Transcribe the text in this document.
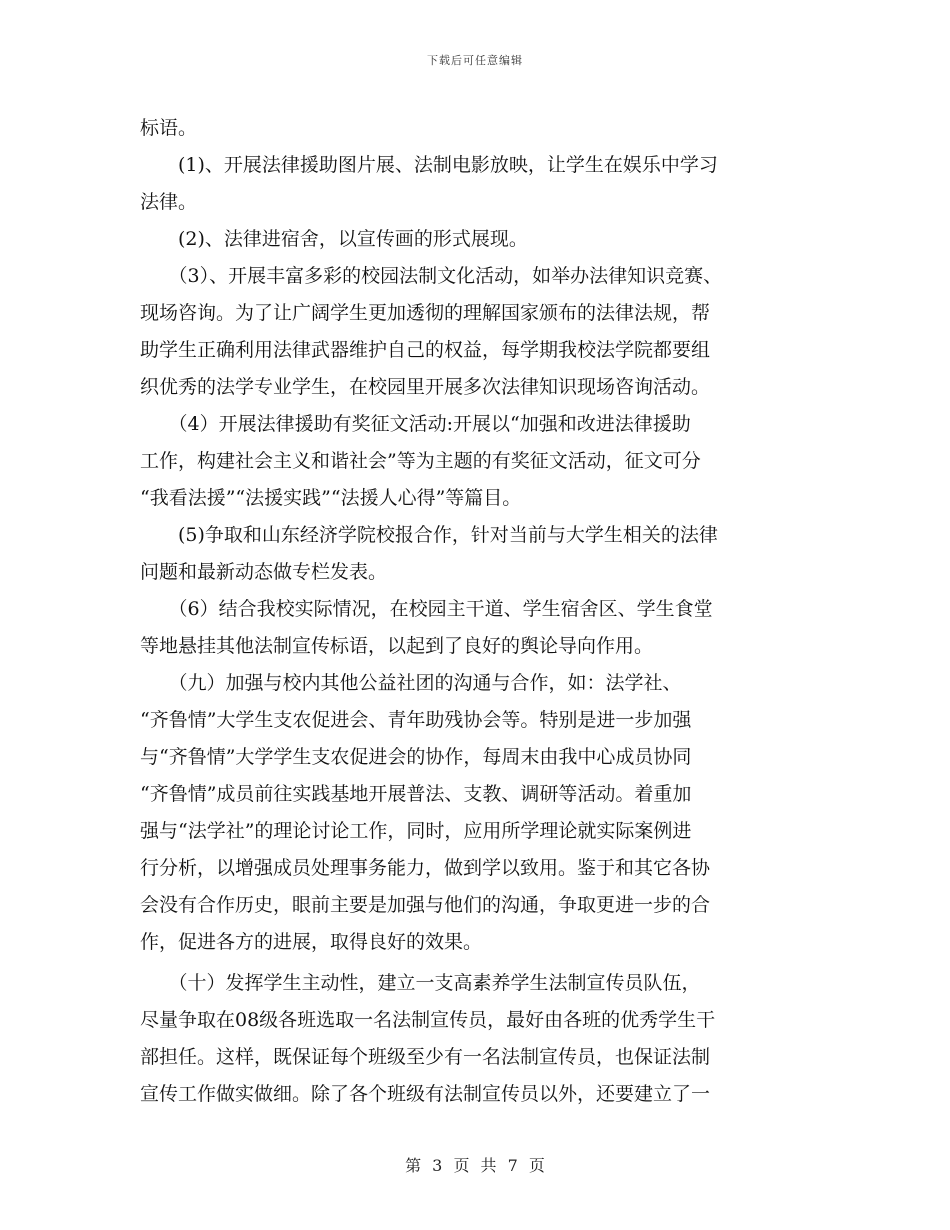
下载后可任意编辑
标语。
　　(1)、开展法律援助图片展、法制电影放映，让学生在娱乐中学习
法律。
　　(2)、法律进宿舍，以宣传画的形式展现。
　　（3）、开展丰富多彩的校园法制文化活动，如举办法律知识竞赛、
现场咨询。为了让广阔学生更加透彻的理解国家颁布的法律法规，帮
助学生正确利用法律武器维护自己的权益，每学期我校法学院都要组
织优秀的法学专业学生，在校园里开展多次法律知识现场咨询活动。
　　（4）开展法律援助有奖征文活动:开展以“加强和改进法律援助
工作，构建社会主义和谐社会”等为主题的有奖征文活动，征文可分
“我看法援”“法援实践”“法援人心得”等篇目。
　　(5)争取和山东经济学院校报合作，针对当前与大学生相关的法律
问题和最新动态做专栏发表。
　　（6）结合我校实际情况，在校园主干道、学生宿舍区、学生食堂
等地悬挂其他法制宣传标语，以起到了良好的舆论导向作用。
　　（九）加强与校内其他公益社团的沟通与合作，如：法学社、
“齐鲁情”大学生支农促进会、青年助残协会等。特别是进一步加强
与“齐鲁情”大学学生支农促进会的协作，每周末由我中心成员协同
“齐鲁情”成员前往实践基地开展普法、支教、调研等活动。着重加
强与“法学社”的理论讨论工作，同时，应用所学理论就实际案例进
行分析，以增强成员处理事务能力，做到学以致用。鉴于和其它各协
会没有合作历史，眼前主要是加强与他们的沟通，争取更进一步的合
作，促进各方的进展，取得良好的效果。
　　（十）发挥学生主动性，建立一支高素养学生法制宣传员队伍，
尽量争取在08级各班选取一名法制宣传员，最好由各班的优秀学生干
部担任。这样，既保证每个班级至少有一名法制宣传员，也保证法制
宣传工作做实做细。除了各个班级有法制宣传员以外，还要建立了一
第 3 页 共 7 页
